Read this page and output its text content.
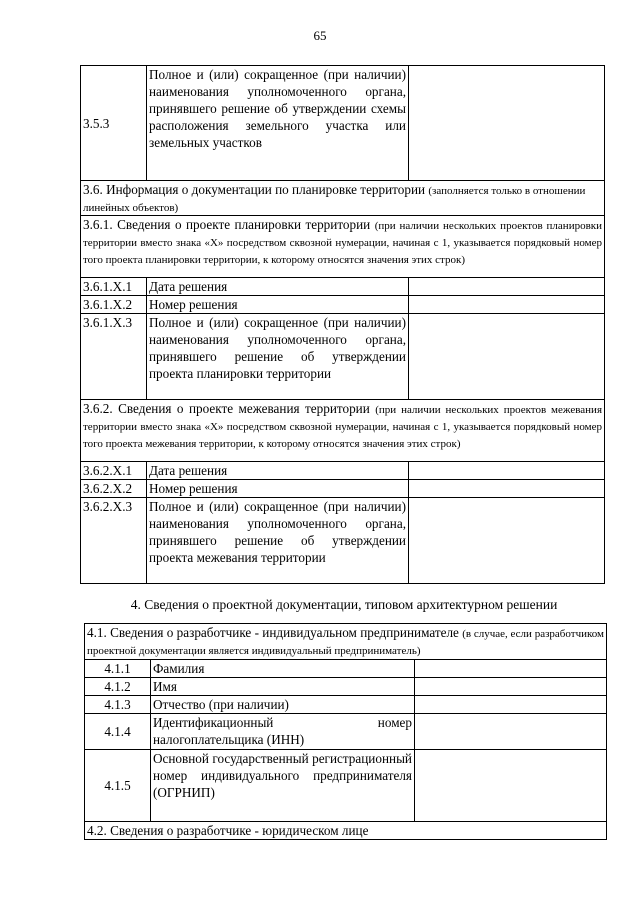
65
3.5.3	Полное и (или) сокращенное (при наличии) наименования уполномоченного органа, принявшего решение об утверждении схемы расположения земельного участка или земельных участков	
3.6. Информация о документации по планировке территории (заполняется только в отношении линейных объектов)		
3.6.1. Сведения о проекте планировки территории (при наличии нескольких проектов планировки территории вместо знака «X» посредством сквозной нумерации, начиная с 1, указывается порядковый номер того проекта планировки территории, к которому относятся значения этих строк)		
3.6.1.X.1	Дата решения	
3.6.1.X.2	Номер решения	
3.6.1.X.3	Полное и (или) сокращенное (при наличии) наименования уполномоченного органа, принявшего решение об утверждении проекта планировки территории	
3.6.2. Сведения о проекте межевания территории (при наличии нескольких проектов межевания территории вместо знака «X» посредством сквозной нумерации, начиная с 1, указывается порядковый номер того проекта межевания территории, к которому относятся значения этих строк)		
3.6.2.X.1	Дата решения	
3.6.2.X.2	Номер решения	
3.6.2.X.3	Полное и (или) сокращенное (при наличии) наименования уполномоченного органа, принявшего решение об утверждении проекта межевания территории	
4. Сведения о проектной документации, типовом архитектурном решении
4.1. Сведения о разработчике - индивидуальном предпринимателе (в случае, если разработчиком проектной документации является индивидуальный предприниматель)		
4.1.1	Фамилия	
4.1.2	Имя	
4.1.3	Отчество (при наличии)	
4.1.4	Идентификационный номер налогоплательщика (ИНН)	
4.1.5	Основной государственный регистрационный номер индивидуального предпринимателя (ОГРНИП)	
4.2. Сведения о разработчике - юридическом лице		
